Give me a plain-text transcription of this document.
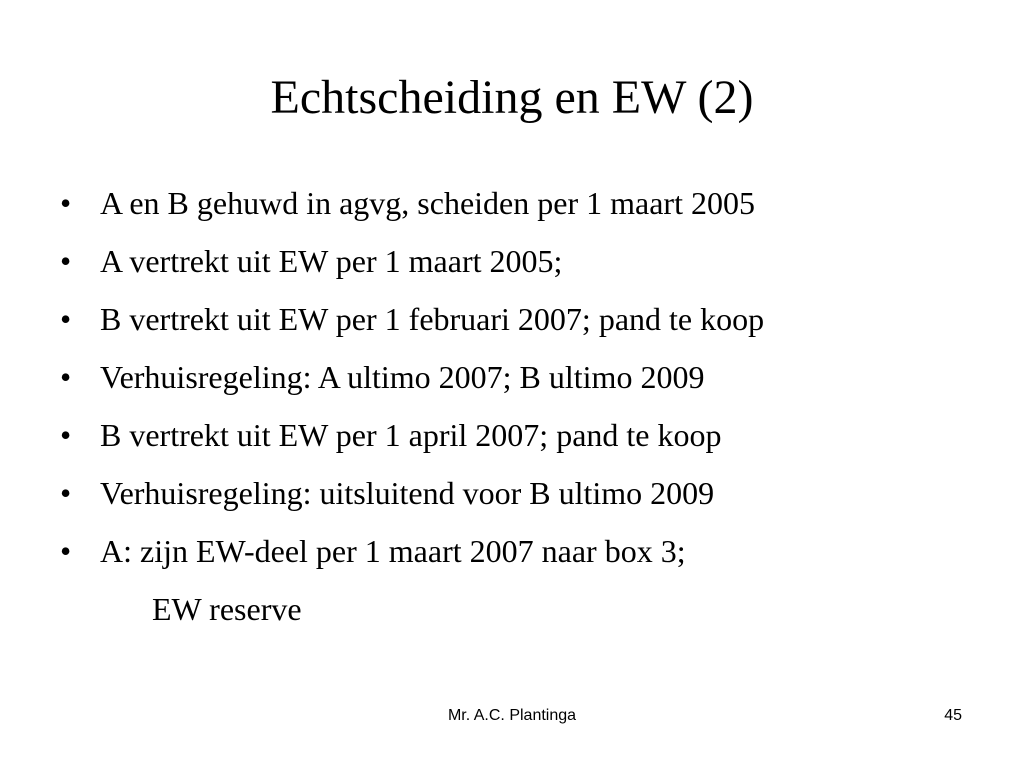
Echtscheiding en EW (2)
• A en B gehuwd in agvg, scheiden per 1 maart 2005
• A vertrekt uit EW per 1 maart 2005;
• B vertrekt uit EW per 1 februari 2007; pand te koop
• Verhuisregeling: A ultimo 2007; B ultimo 2009
• B vertrekt uit EW per 1 april 2007; pand te koop
• Verhuisregeling: uitsluitend voor B ultimo 2009
• A: zijn EW-deel per 1 maart 2007 naar box 3;
EW reserve
Mr. A.C. Plantinga	45
